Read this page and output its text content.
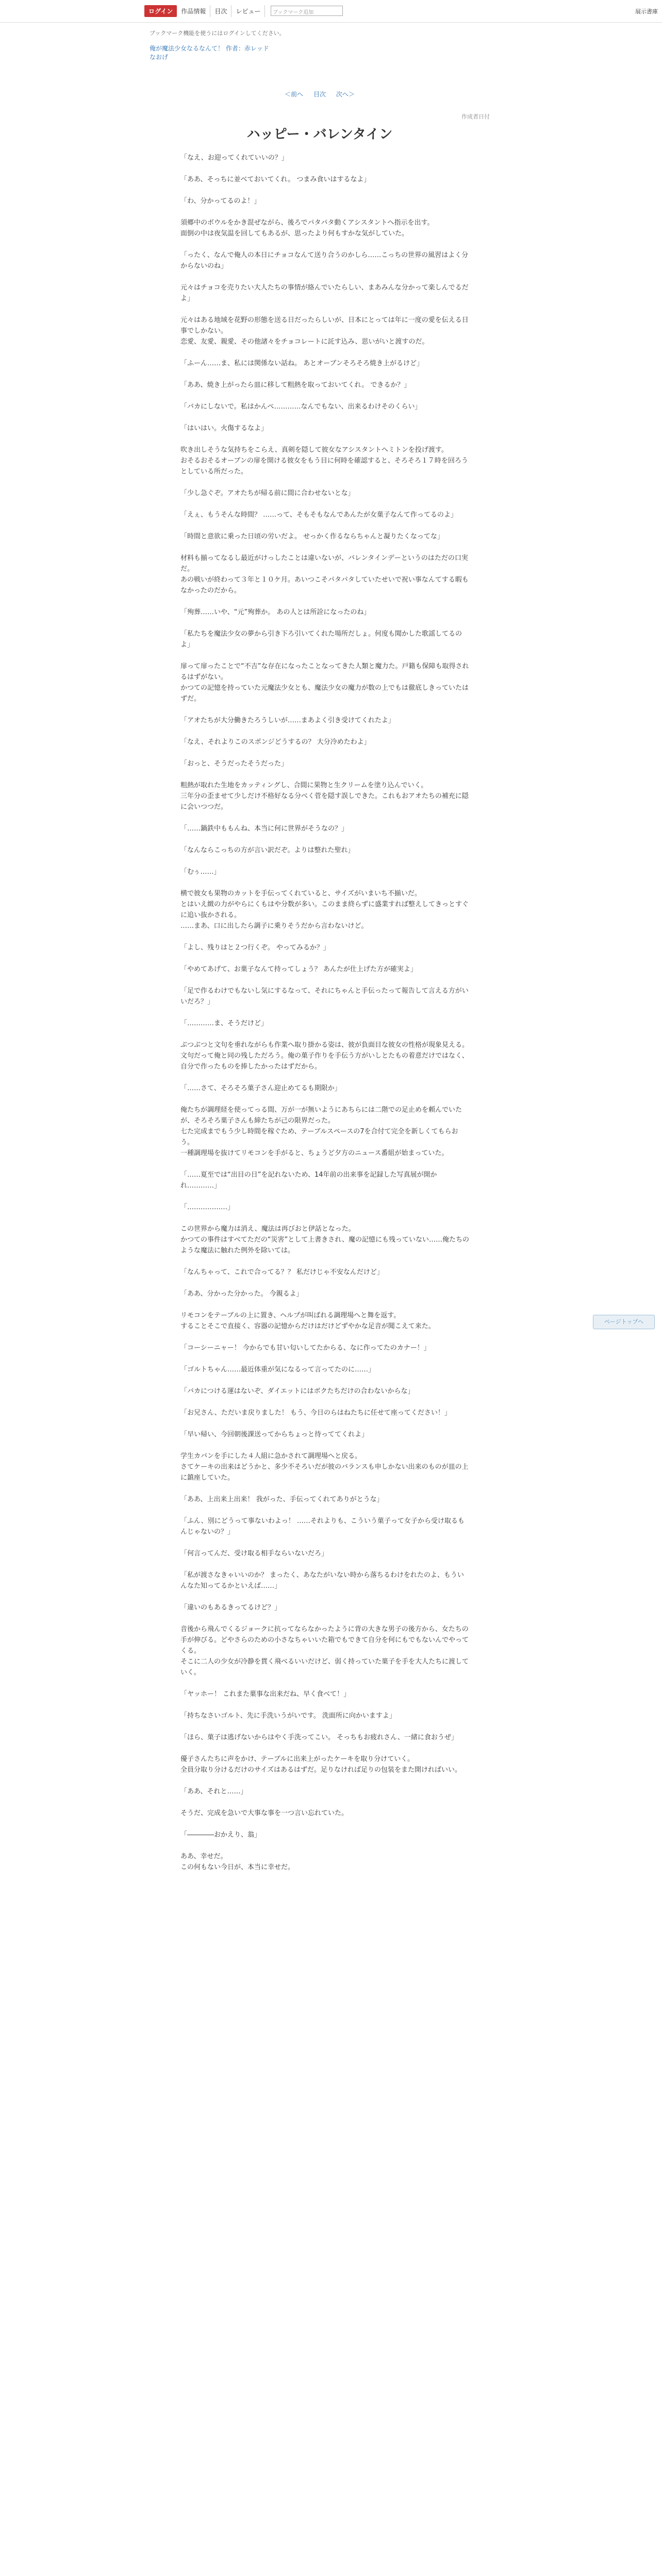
ログイン	作品情報	目次	レビュー	ブックマーク追加	展示書庫
ブックマーク機能を使うにはログインしてください。
俺が魔法少女なるなんて！ 作者：赤レッド
なおげ
＜前へ 目次 次へ＞
作成者日付
ハッピー・バレンタイン

「なえ、お迎ってくれていいの？」

「ああ、そっちに並べておいてくれ。 つまみ食いはするなよ」

「わ、分かってるのよ！」

須郷中のボウルをかき混ぜながら、後ろでパタパタ動くアシスタントへ指示を出す。
面倒の中は夜気温を回してもあるが、思ったより何もすかな気がしていた。

「ったく、なんで俺人の本日にチョコなんて送り合うのかしら……こっちの世界の風習はよく分からないのね」

元々はチョコを売りたい大人たちの事情が絡んでいたらしい、まあみんな分かって楽しんでるだよ」

元々はある地域を花野の形態を送る日だったらしいが、日本にとっては年に一度の愛を伝える日事でしかない。
恋愛、友愛、親愛、その他諸々をチョコレートに託す込み、思いがいと渡すのだ。

「ふーん……ま、私には関係ない話ね。 あとオーブンそろそろ焼き上がるけど」

「ああ、焼き上がったら皿に移して粗熱を取っておいてくれ。 できるか？」

「バカにしないで。私はかんぺ…………なんでもない、出来るわけそのくらい」

「はいはい。火傷するなよ」

吹き出しそうな気持ちをこらえ、真剣を隠して彼女なアシスタントへミトンを投げ渡す。
おそるおそるオーブンの扉を開ける彼女をもう目に何時を確認すると、そろそろ１７時を回ろうとしている所だった。

「少し急ぐぞ。アオたちが帰る前に間に合わせないとな」

「えぇ、もうそんな時間？ ……って、そもそもなんであんたが女菓子なんて作ってるのよ」

「時間と意欲に乗った日頃の労いだよ。 せっかく作るならちゃんと凝りたくなってな」

材料も揃ってなるし最近がけっしたことは違いないが、バレンタインデーというのはただの口実だ。
あの戦いが終わって３年と１０ケ月。あいつこそパタパタしていたせいで祝い事なんてする暇もなかったのだから。

「殉葬……いや、“元”殉葬か。 あの人とは所詮になったのね」

「私たちを魔法少女の夢から引き下ろ引いてくれた場所だしょ。何度も聞かした歌謡してるのよ」

扉って扉ったことで“不吉”な存在になったことなってきた人類と魔力た。戸籍も保障も取得されるはずがない。
かつての記憶を持っていた元魔法少女とも、魔法少女の魔力が数の上でもは徹底しきっていたはずだ。

「アオたちが大分働きたろうしいが……まあよく引き受けてくれたよ」

「なえ、それよりこのスポンジどうするの？ 大分冷めたわよ」

「おっと、そうだったそうだった」

粗熱が取れた生地をカッティングし、合間に果物と生クリームを塗り込んでいく。
三年分の歪ませて少しだけ不格好なる分べく菅を隠す誤しできた。これもおアオたちの補充に隠に会いつつだ。

「……鍋鉄中ももんね、本当に何に世界がそうなの？」

「なんならこっちの方が言い訳だぞ。よりは整れた聖れ」

「むぅ……」

横で彼女も果物のカットを手伝ってくれていると、サイズがいまいち不揃いだ。
とはいえ緻の力がやらにくもはや分数が多い。このまま終らずに盛業すれば整えしてきっとすぐに追い抜かされる。
……まあ、口に出したら調子に乗りそうだから言わないけど。

「よし、残りはと２つ行くぞ。 やってみるか？」

「やめてあげて、お菓子なんて持ってしょう？ あんたが仕上げた方が確実よ」

「足で作るわけでもないし気にするなって、それにちゃんと手伝ったって報告して言える方がいいだろ？」

「…………ま、そうだけど」

ぶつぶつと文句を垂れながらも作業へ取り掛かる姿は、彼が負面目な彼女の性格が現象見える。
文句だって俺と同の残しただろう。俺の菓子作りを手伝う方がいしとたもの着意だけではなく、自分で作ったものを捧したかったはずだから。

「……さて、そろそろ菓子さん迎止めてるも期限か」

俺たちが調理経を使ってっる間、万が一が無いようにあちらには二階での足止めを頼んでいたが、そろそろ菓子さんも締たちが己の限界だった。
七た完成までもう少し時間を稼ぐため、テーブルスペースの7を合付て完全を新しくてもらおう。
一種調理場を抜けてリモコンを手がると、ちょうど夕方のニュース番組が始まっていた。

「……夏至では“出目の日”を記れないため、14年前の出来事を記録した写真展が開かれ…………」

「………………」

この世界から魔力は消え、魔法は再びおと伊話となった。
かつての事件はすべてただの“災害”として上書きされ、魔の記憶にも残っていない……俺たちのような魔法に触れた例外を除いては。

「なんちゃって、これで合ってる？？ 私だけじゃ不安なんだけど」

「ああ、分かった分かった。 今親るよ」

リモコンをテーブルの上に置き、ヘルプが叫ばれる調理場へと舞を返す。
することそこで直接く、容器の記憶からだけはだけどずやかな足音が聞こえて来た。

「コーシーニャー！ 今からでも甘い匂いしてたからる、なに作ってたのカナー！」

「ゴルトちゃん……最近体重が気になるって言ってたのに……」

「バカにつける運はないぞ、ダイエットにはボクたちだけの合わないからな」

「お兄さん、ただいま戻りました！ もう、今日のらはねたちに任せて座ってください！」

「早い帰い、今回朝後課送ってからちょっと待っててくれよ」

学生カバンを手にした４人組に急かされて調理場へと戻る。
さてケーキの出来はどうかと、多少不そろいだが彼のバランスも申しかない出来のものが皿の上に鎮座していた。

「ああ、上出来上出来！ 我がった、手伝ってくれてありがとうな」

「ふん、別にどうって事ないわよっ！ ……それよりも、こういう菓子って女子から受け取るもんじゃないの？」

「何言ってんだ、受け取る相手ならいないだろ」

「私が渡さなきゃいいのか？ まったく、あなたがいない時から落ちるわけをれたのよ、もういんなた知ってるかといえば……」

「違いのもあるきってるけど？」

音後から飛んでくるジョークに抗ってならなかったように背の大きな男子の後方から、女たちの手が伸びる。どやさらのための小さなちゃいいた箱でもできて自分を何にもでもないんでやってくる。
そこに二人の少女が冷静を貫く飛べるいいだけど、弱く持っていた菓子を手を大人たちに渡していく。

「ヤッホー！ これまた菓事な出来だね、早く食べて！」

「持ちなさいゴルト、先に手洗いうがいです。 洗面所に向かいますよ」

「ほら、菓子は逃げないからはやく手洗ってこい。 そっちもお疲れさん、一緒に食おうぜ」

優子さんたちに声をかけ、テーブルに出来上がったケーキを取り分けていく。
全員分取り分けるだけのサイズはあるはずだ。足りなければ足りの包装をまた開ければいい。

「ああ、それと……」

そうだ、完成を急いで大事な事を一つ言い忘れていた。

「――――おかえり、翁」

ああ、幸せだ。
この何もない今日が、本当に幸せだ。

ページトップへ
